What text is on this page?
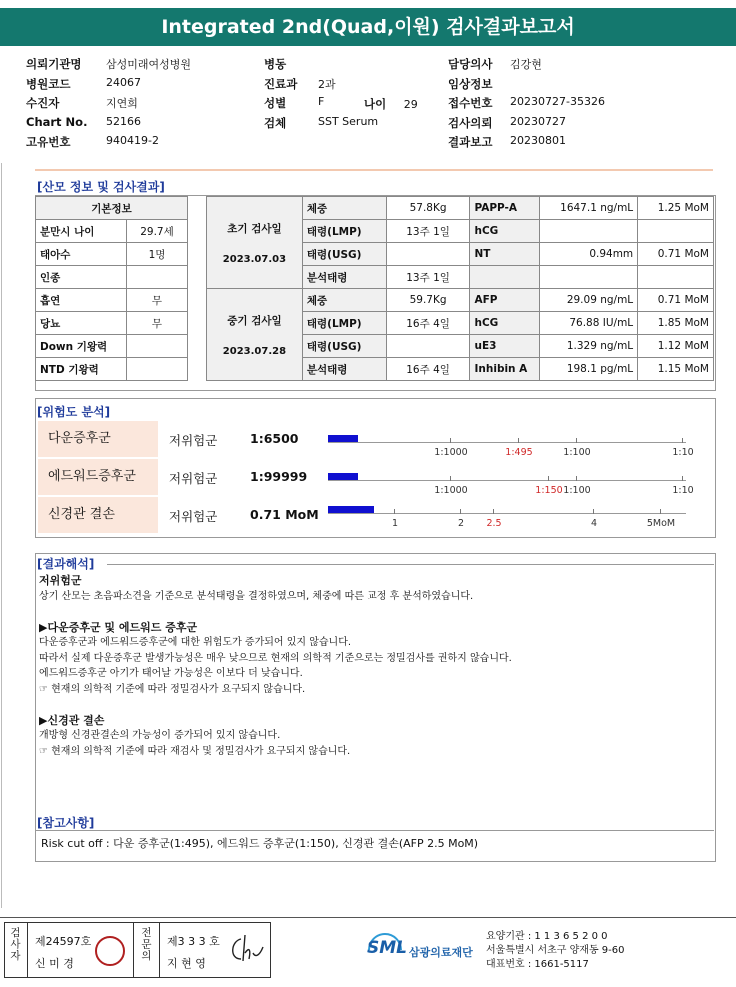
Integrated 2nd(Quad,이원) 검사결과보고서
의뢰기관명 삼성미래여성병원
병원코드	24067
수진자	지연희
Chart No. 52166
고유번호	940419-2
병동
진료과 2과
성별	F
검체	SST Serum
나이 29
담당의사 김강현
임상정보
접수번호 20230727-35326
검사의뢰 20230727
결과보고 20230801
[산모 정보 및 검사결과]
기본정보	
분만시 나이	29.7세
태아수	1명
인종	
흡연	무
당뇨	무
Down 기왕력	
NTD 기왕력	
초기 검사일
2023.07.03	체중	57.8Kg	PAPP-A	1647.1 ng/mL	1.25 MoM
	태령(LMP)	13주 1일	hCG		
	태령(USG)		NT	0.94mm	0.71 MoM
	분석태령	13주 1일			

중기 검사일
2023.07.28	체중	59.7Kg	AFP	29.09 ng/mL	0.71 MoM
	태령(LMP)	16주 4일	hCG	76.88 IU/mL	1.85 MoM
	태령(USG)		uE3	1.329 ng/mL	1.12 MoM
	분석태령	16주 4일	Inhibin A	198.1 pg/mL	1.15 MoM
[위험도 분석]
다운증후군	저위험군	1:6500
1:1000	1:495	1:100	1:10
에드워드증후군	저위험군	1:99999
1:1000	1:150 1:100	1:10
신경관 결손	저위험군	0.71 MoM
1	2	2.5	4	5MoM
[결과해석]

저위험군

상기 산모는 초음파소견을 기준으로 분석태령을 결정하였으며, 체중에 따른 교정 후 분석하였습니다.

▶다운증후군 및 에드워드 증후군

다운증후군과 에드워드증후군에 대한 위험도가 증가되어 있지 않습니다.

따라서 실제 다운증후군 발생가능성은 매우 낮으므로 현재의 의학적 기준으로는 정밀검사를 권하지 않습니다.

에드워드증후군 아기가 태어날 가능성은 이보다 더 낮습니다.

☞ 현재의 의학적 기준에 따라 정밀검사가 요구되지 않습니다.

▶신경관 결손

개방형 신경관결손의 가능성이 증가되어 있지 않습니다.

☞ 현재의 의학적 기준에 따라 재검사 및 정밀검사가 요구되지 않습니다.

[참고사항]
Risk cut off : 다운 증후군(1:495), 에드워드 증후군(1:150), 신경관 결손(AFP 2.5 MoM)
검사자 제24597호
신 미 경
전문의 제3 3 3 호
지 현 영
SML 삼광의료재단
요양기관 : 1 1 3 6 5 2 0 0
서울특별시 서초구 양재동 9-60
대표번호 : 1661-5117
